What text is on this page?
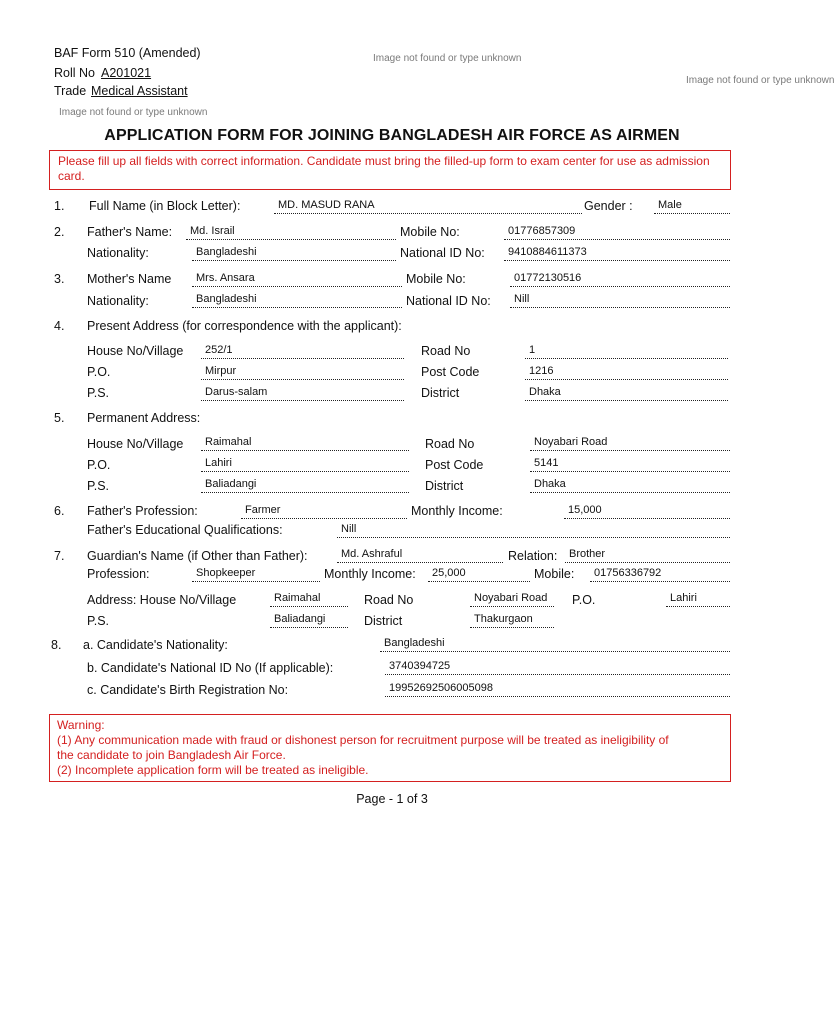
BAF Form 510 (Amended)
Roll No A201021
Trade Medical Assistant
Image not found or type unknown
Image not found or type unknown
Image not found or type unknown
APPLICATION FORM FOR JOINING BANGLADESH AIR FORCE AS AIRMEN
Please fill up all fields with correct information. Candidate must bring the filled-up form to exam center for use as admission card.
1. Full Name (in Block Letter):	MD. MASUD RANA	Gender :	Male
2. Father's Name:	Md. Israil	Mobile No:	01776857309
Nationality:	Bangladeshi	National ID No:	9410884611373
3. Mother's Name	Mrs. Ansara	Mobile No:	01772130516
Nationality:	Bangladeshi	National ID No:	Nill
4. Present Address (for correspondence with the applicant):
House No/Village	252/1	Road No	1
P.O.	Mirpur	Post Code	1216
P.S.	Darus-salam	District	Dhaka
5. Permanent Address:
House No/Village	Raimahal	Road No	Noyabari Road
P.O.	Lahiri	Post Code	5141
P.S.	Baliadangi	District	Dhaka
6. Father's Profession:	Farmer	Monthly Income:	15,000
Father's Educational Qualifications:	Nill
7. Guardian's Name (if Other than Father):	Md. Ashraful	Relation:	Brother
Profession:	Shopkeeper	Monthly Income:	25,000	Mobile:	01756336792
Address: House No/Village	Raimahal	Road No	Noyabari Road	P.O.	Lahiri
P.S.	Baliadangi	District	Thakurgaon
8. a. Candidate's Nationality:	Bangladeshi
b. Candidate's National ID No (If applicable):	3740394725
c. Candidate's Birth Registration No:	19952692506005098
Warning:
(1) Any communication made with fraud or dishonest person for recruitment purpose will be treated as ineligibility of
the candidate to join Bangladesh Air Force.
(2) Incomplete application form will be treated as ineligible.
Page - 1 of 3
